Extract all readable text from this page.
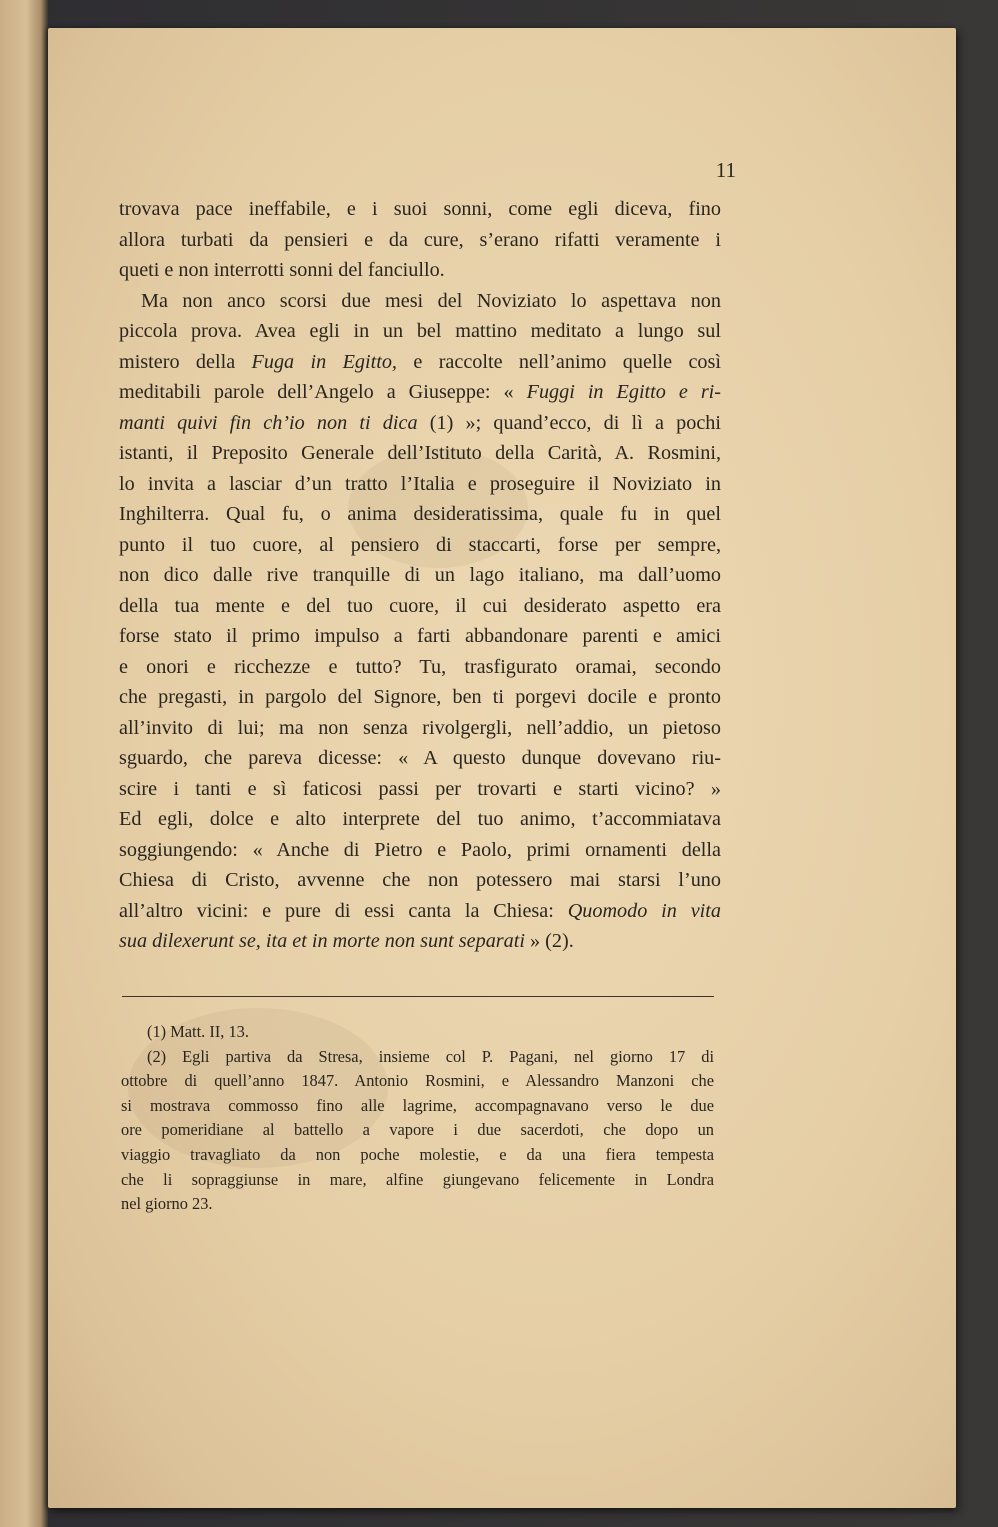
11
trovava pace ineffabile, e i suoi sonni, come egli diceva, fino
allora turbati da pensieri e da cure, s’erano rifatti veramente i
queti e non interrotti sonni del fanciullo.
Ma non anco scorsi due mesi del Noviziato lo aspettava non
piccola prova. Avea egli in un bel mattino meditato a lungo sul
mistero della Fuga in Egitto, e raccolte nell’animo quelle così
meditabili parole dell’Angelo a Giuseppe: « Fuggi in Egitto e ri-
manti quivi fin ch’io non ti dica (1) »; quand’ecco, di lì a pochi
istanti, il Preposito Generale dell’Istituto della Carità, A. Rosmini,
lo invita a lasciar d’un tratto l’Italia e proseguire il Noviziato in
Inghilterra. Qual fu, o anima desideratissima, quale fu in quel
punto il tuo cuore, al pensiero di staccarti, forse per sempre,
non dico dalle rive tranquille di un lago italiano, ma dall’uomo
della tua mente e del tuo cuore, il cui desiderato aspetto era
forse stato il primo impulso a farti abbandonare parenti e amici
e onori e ricchezze e tutto? Tu, trasfigurato oramai, secondo
che pregasti, in pargolo del Signore, ben ti porgevi docile e pronto
all’invito di lui; ma non senza rivolgergli, nell’addio, un pietoso
sguardo, che pareva dicesse: « A questo dunque dovevano riu-
scire i tanti e sì faticosi passi per trovarti e starti vicino? »
Ed egli, dolce e alto interprete del tuo animo, t’accommiatava
soggiungendo: « Anche di Pietro e Paolo, primi ornamenti della
Chiesa di Cristo, avvenne che non potessero mai starsi l’uno
all’altro vicini: e pure di essi canta la Chiesa: Quomodo in vita
sua dilexerunt se, ita et in morte non sunt separati » (2).
(1) Matt. II, 13.
(2) Egli partiva da Stresa, insieme col P. Pagani, nel giorno 17 di
ottobre di quell’anno 1847. Antonio Rosmini, e Alessandro Manzoni che
si mostrava commosso fino alle lagrime, accompagnavano verso le due
ore pomeridiane al battello a vapore i due sacerdoti, che dopo un
viaggio travagliato da non poche molestie, e da una fiera tempesta
che li sopraggiunse in mare, alfine giungevano felicemente in Londra
nel giorno 23.
